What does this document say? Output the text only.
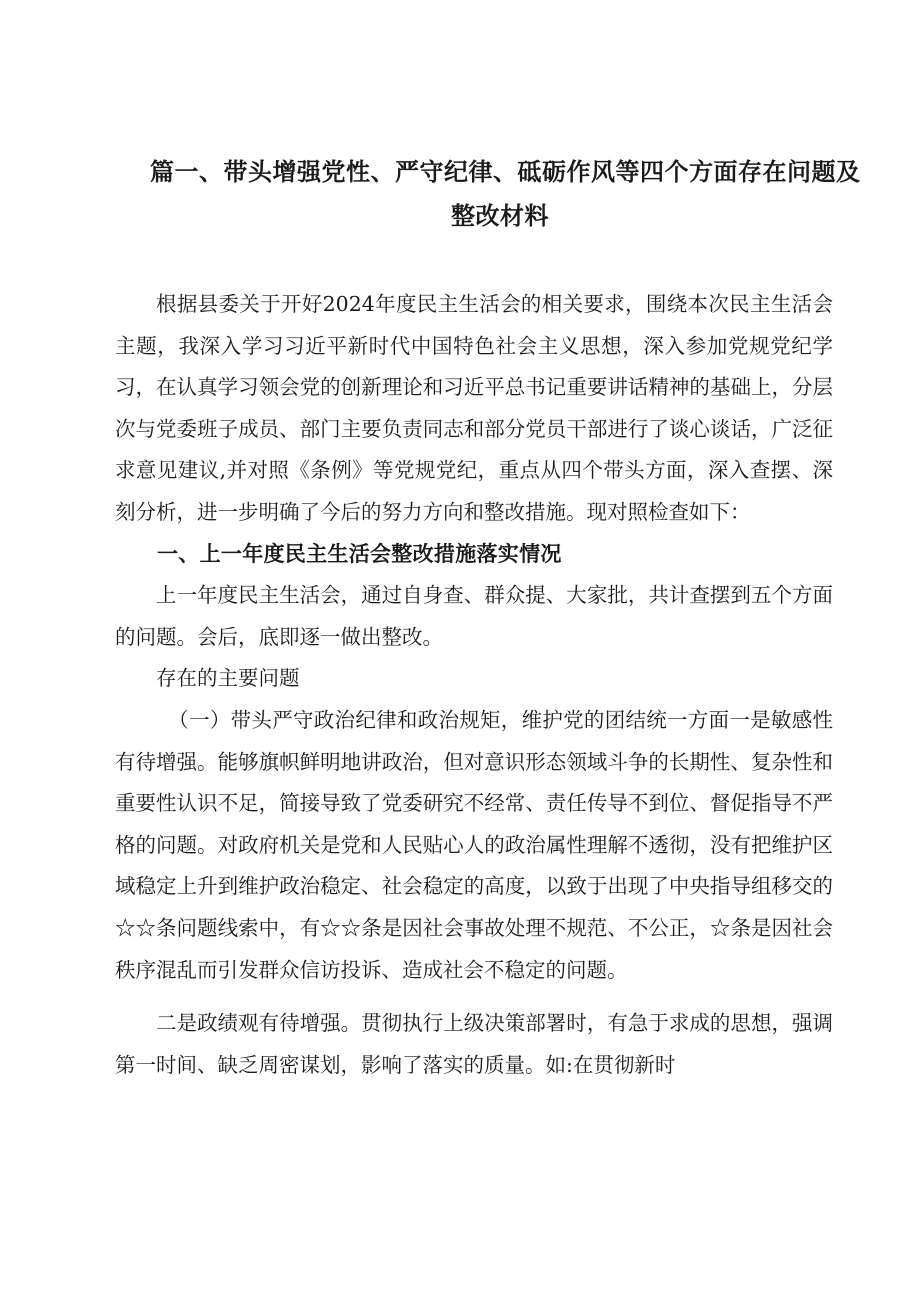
篇一、带头增强党性、严守纪律、砥砺作风等四个方面存在问题及
整改材料

根据县委关于开好2024年度民主生活会的相关要求，围绕本次民主生活会主题，我深入学习习近平新时代中国特色社会主义思想，深入参加党规党纪学习，在认真学习领会党的创新理论和习近平总书记重要讲话精神的基础上，分层次与党委班子成员、部门主要负责同志和部分党员干部进行了谈心谈话，广泛征求意见建议,并对照《条例》等党规党纪，重点从四个带头方面，深入查摆、深刻分析，进一步明确了今后的努力方向和整改措施。现对照检查如下：

一、上一年度民主生活会整改措施落实情况

上一年度民主生活会，通过自身查、群众提、大家批，共计查摆到五个方面的问题。会后，底即逐一做出整改。

存在的主要问题

（一）带头严守政治纪律和政治规矩，维护党的团结统一方面一是敏感性有待增强。能够旗帜鲜明地讲政治，但对意识形态领域斗争的长期性、复杂性和重要性认识不足，简接导致了党委研究不经常、责任传导不到位、督促指导不严格的问题。对政府机关是党和人民贴心人的政治属性理解不透彻，没有把维护区域稳定上升到维护政治稳定、社会稳定的高度，以致于出现了中央指导组移交的☆☆条问题线索中，有☆☆条是因社会事故处理不规范、不公正，☆条是因社会秩序混乱而引发群众信访投诉、造成社会不稳定的问题。

二是政绩观有待增强。贯彻执行上级决策部署时，有急于求成的思想，强调第一时间、缺乏周密谋划，影响了落实的质量。如:在贯彻新时
